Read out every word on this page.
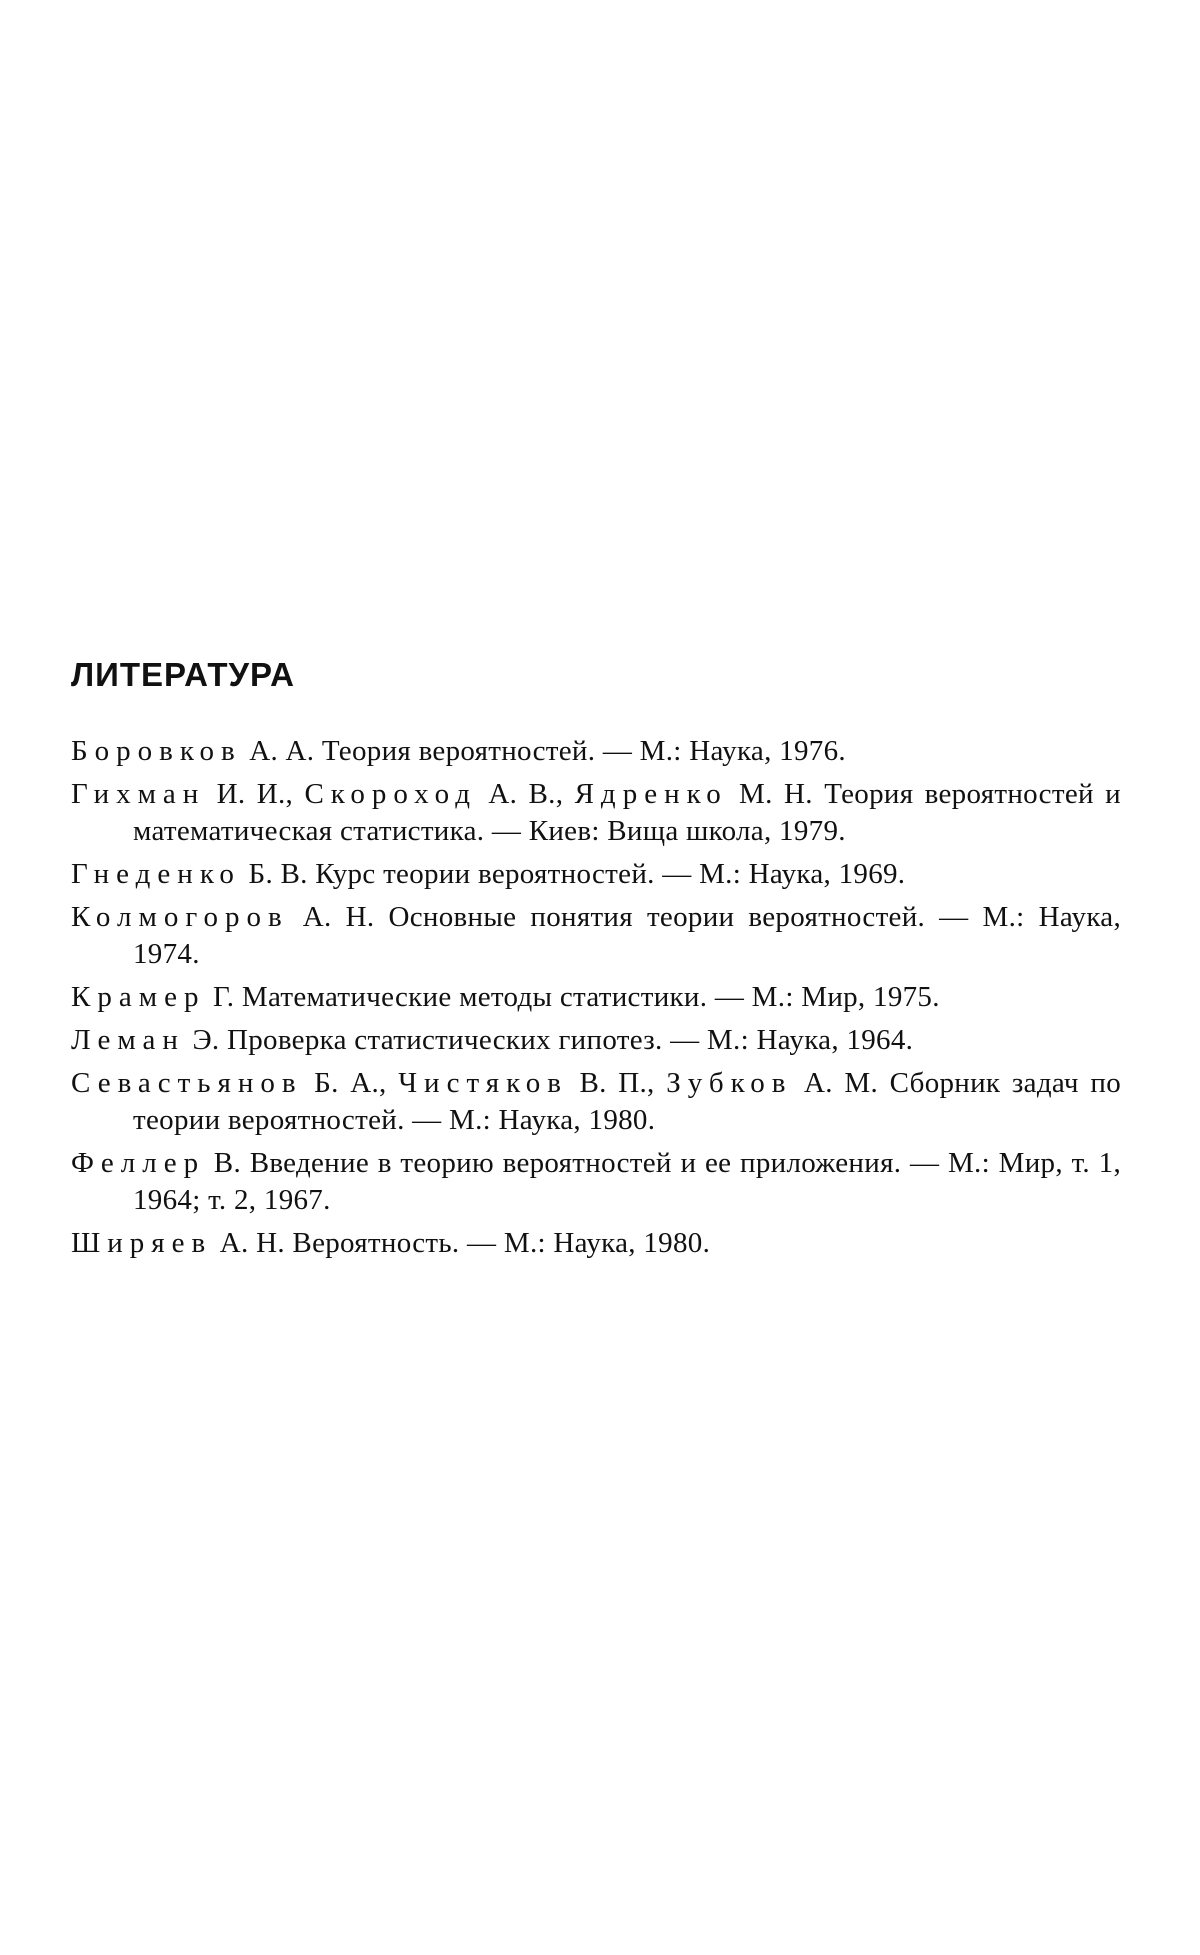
ЛИТЕРАТУРА
Боровков А. А. Теория вероятностей. — М.: Наука, 1976.
Гихман И. И., Скороход А. В., Ядренко М. Н. Теория вероятностей и математическая статистика. — Киев: Вища школа, 1979.
Гнеденко Б. В. Курс теории вероятностей. — М.: Наука, 1969.
Колмогоров А. Н. Основные понятия теории вероятностей. — М.: Наука, 1974.
Крамер Г. Математические методы статистики. — М.: Мир, 1975.
Леман Э. Проверка статистических гипотез. — М.: Наука, 1964.
Севастьянов Б. А., Чистяков В. П., Зубков А. М. Сборник задач по теории вероятностей. — М.: Наука, 1980.
Феллер В. Введение в теорию вероятностей и ее приложения. — М.: Мир, т. 1, 1964; т. 2, 1967.
Ширяев А. Н. Вероятность. — М.: Наука, 1980.
